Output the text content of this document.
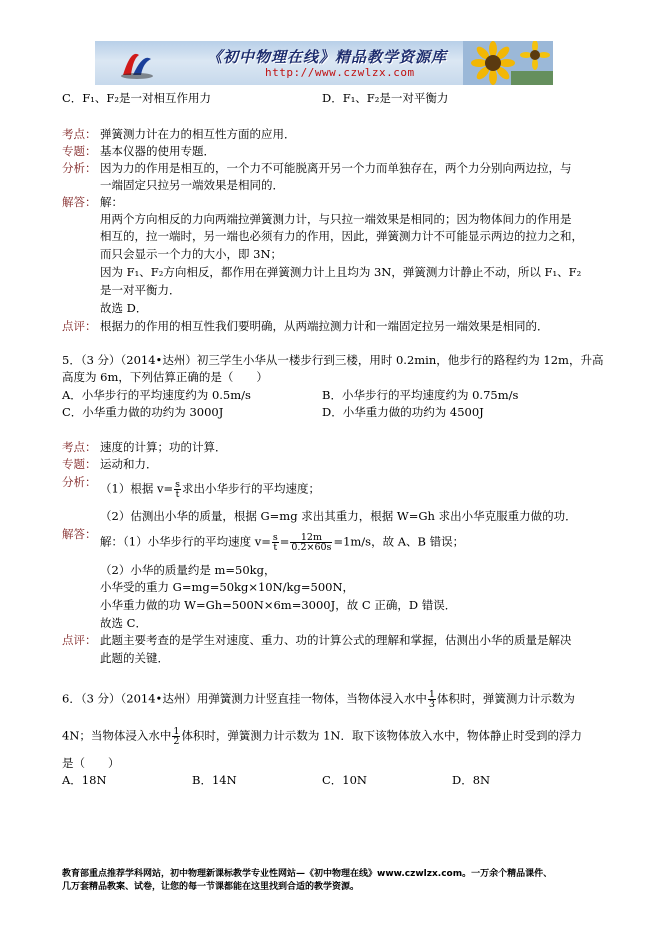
《初中物理在线》精品教学资源库
http://www.czwlzx.com
C．F₁、F₂是一对相互作用力	D．F₁、F₂是一对平衡力
考点： 弹簧测力计在力的相互性方面的应用．
专题： 基本仪器的使用专题．
分析： 因为力的作用是相互的，一个力不可能脱离开另一个力而单独存在，两个力分别向两边拉，与
一端固定只拉另一端效果是相同的．
解答： 解：
用两个方向相反的力向两端拉弹簧测力计，与只拉一端效果是相同的；因为物体间力的作用是
相互的，拉一端时，另一端也必须有力的作用，因此，弹簧测力计不可能显示两边的拉力之和，
而只会显示一个力的大小，即 3N；
因为 F₁、F₂方向相反，都作用在弹簧测力计上且均为 3N，弹簧测力计静止不动，所以 F₁、F₂
是一对平衡力．
故选 D．
点评： 根据力的作用的相互性我们要明确，从两端拉测力计和一端固定拉另一端效果是相同的．
5．（3 分）（2014•达州）初三学生小华从一楼步行到三楼，用时 0.2min，他步行的路程约为 12m，升高
高度为 6m，下列估算正确的是（　　）
A．小华步行的平均速度约为 0.5m/s	B．小华步行的平均速度约为 0.75m/s
C．小华重力做的功约为 3000J	D．小华重力做的功约为 4500J
考点： 速度的计算；功的计算．
专题： 运动和力．
分析： （1）根据 $v= \frac{s}{t}$ 求出小华步行的平均速度；
（2）估测出小华的质量，根据 G=mg 求出其重力，根据 W=Gh 求出小华克服重力做的功．
解答：
解：（1）小华步行的平均速度 $v= \frac{s}{t} = \frac{12m}{0.2\times 60s} =1m/s$，故 A、B 错误；
（2）小华的质量约是 m=50kg，
小华受的重力 G=mg=50kg×10N/kg=500N，
小华重力做的功 W=Gh=500N×6m=3000J，故 C 正确，D 错误．
故选 C．
点评： 此题主要考查的是学生对速度、重力、功的计算公式的理解和掌握，估测出小华的质量是解决
此题的关键．
6．（3 分）（2014•达州）用弹簧测力计竖直挂一物体，当物体浸入水中 $\frac{1}{3}$ 体积时，弹簧测力计示数为
4N；当物体浸入水中 $\frac{1}{2}$ 体积时，弹簧测力计示数为 1N．取下该物体放入水中，物体静止时受到的浮力
是（　　）
A．18N	B．14N	C．10N	D．8N
教育部重点推荐学科网站，初中物理新课标教学专业性网站—《初中物理在线》www.czwlzx.com。一万余个精品课件、
几万套精品教案、试卷，让您的每一节课都能在这里找到合适的教学资源。
